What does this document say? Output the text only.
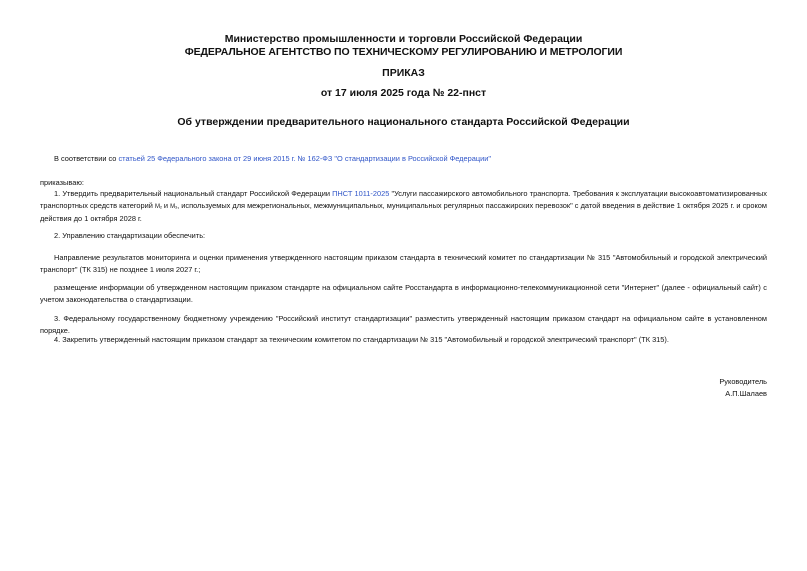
Министерство промышленности и торговли Российской Федерации
ФЕДЕРАЛЬНОЕ АГЕНТСТВО ПО ТЕХНИЧЕСКОМУ РЕГУЛИРОВАНИЮ И МЕТРОЛОГИИ
ПРИКАЗ
от 17 июля 2025 года № 22-пнст
Об утверждении предварительного национального стандарта Российской Федерации
В соответствии со статьей 25 Федерального закона от 29 июня 2015 г. № 162-ФЗ "О стандартизации в Российской Федерации"
приказываю:
1. Утвердить предварительный национальный стандарт Российской Федерации ПНСТ 1011-2025 "Услуги пассажирского автомобильного транспорта. Требования к эксплуатации высокоавтоматизированных транспортных средств категорий M₂ и M₃, используемых для межрегиональных, межмуниципальных, муниципальных регулярных пассажирских перевозок" с датой введения в действие 1 октября 2025 г. и сроком действия до 1 октября 2028 г.
2. Управлению стандартизации обеспечить:
Направление результатов мониторинга и оценки применения утвержденного настоящим приказом стандарта в технический комитет по стандартизации № 315 "Автомобильный и городской электрический транспорт" (ТК 315) не позднее 1 июля 2027 г.;
размещение информации об утвержденном настоящим приказом стандарте на официальном сайте Росстандарта в информационно-телекоммуникационной сети "Интернет" (далее - официальный сайт) с учетом законодательства о стандартизации.
3. Федеральному государственному бюджетному учреждению "Российский институт стандартизации" разместить утвержденный настоящим приказом стандарт на официальном сайте в установленном порядке.
4. Закрепить утвержденный настоящим приказом стандарт за техническим комитетом по стандартизации № 315 "Автомобильный и городской электрический транспорт" (ТК 315).
Руководитель
А.П.Шалаев
